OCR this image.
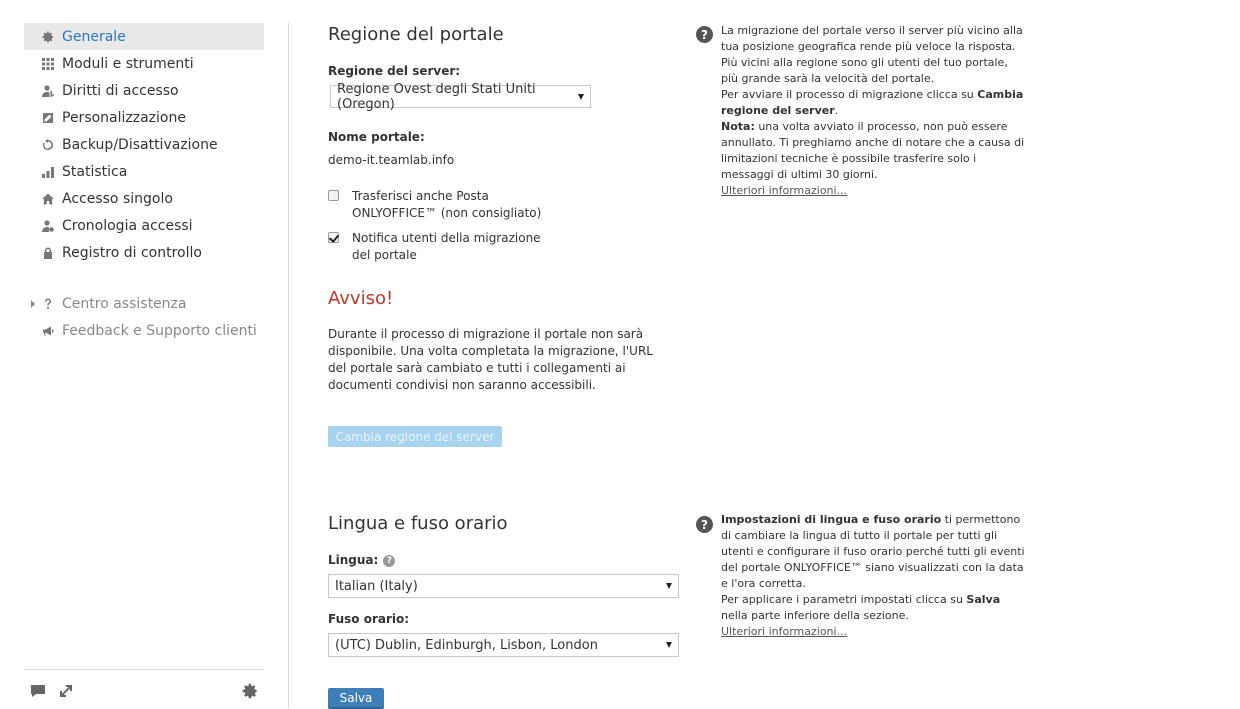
Generale
Moduli e strumenti
Diritti di accesso
Personalizzazione
Backup/Disattivazione
Statistica
Accesso singolo
Cronologia accessi
Registro di controllo
Centro assistenza
Feedback e Supporto clienti
Regione del portale
Regione del server:
Regione Ovest degli Stati Uniti (Oregon)
Nome portale:
demo-it.teamlab.info
Trasferisci anche Posta ONLYOFFICE™ (non consigliato)
Notifica utenti della migrazione del portale
Avviso!
Durante il processo di migrazione il portale non sarà disponibile. Una volta completata la migrazione, l'URL del portale sarà cambiato e tutti i collegamenti ai documenti condivisi non saranno accessibili.
Cambia regione del server
?	La migrazione del portale verso il server più vicino alla tua posizione geografica rende più veloce la risposta. Più vicini alla regione sono gli utenti del tuo portale, più grande sarà la velocità del portale.

Per avviare il processo di migrazione clicca su Cambia regione del server.

Nota: una volta avviato il processo, non può essere annullato. Ti preghiamo anche di notare che a causa di limitazioni tecniche è possibile trasferire solo i messaggi di ultimi 30 giorni.

Ulteriori informazioni...

Lingua e fuso orario
Lingua: ?
Italian (Italy)
Fuso orario:
(UTC) Dublin, Edinburgh, Lisbon, London
Salva
?	Impostazioni di lingua e fuso orario ti permettono di cambiare la lingua di tutto il portale per tutti gli utenti e configurare il fuso orario perché tutti gli eventi del portale ONLYOFFICE™ siano visualizzati con la data e l'ora corretta.

Per applicare i parametri impostati clicca su Salva nella parte inferiore della sezione.

Ulteriori informazioni...
